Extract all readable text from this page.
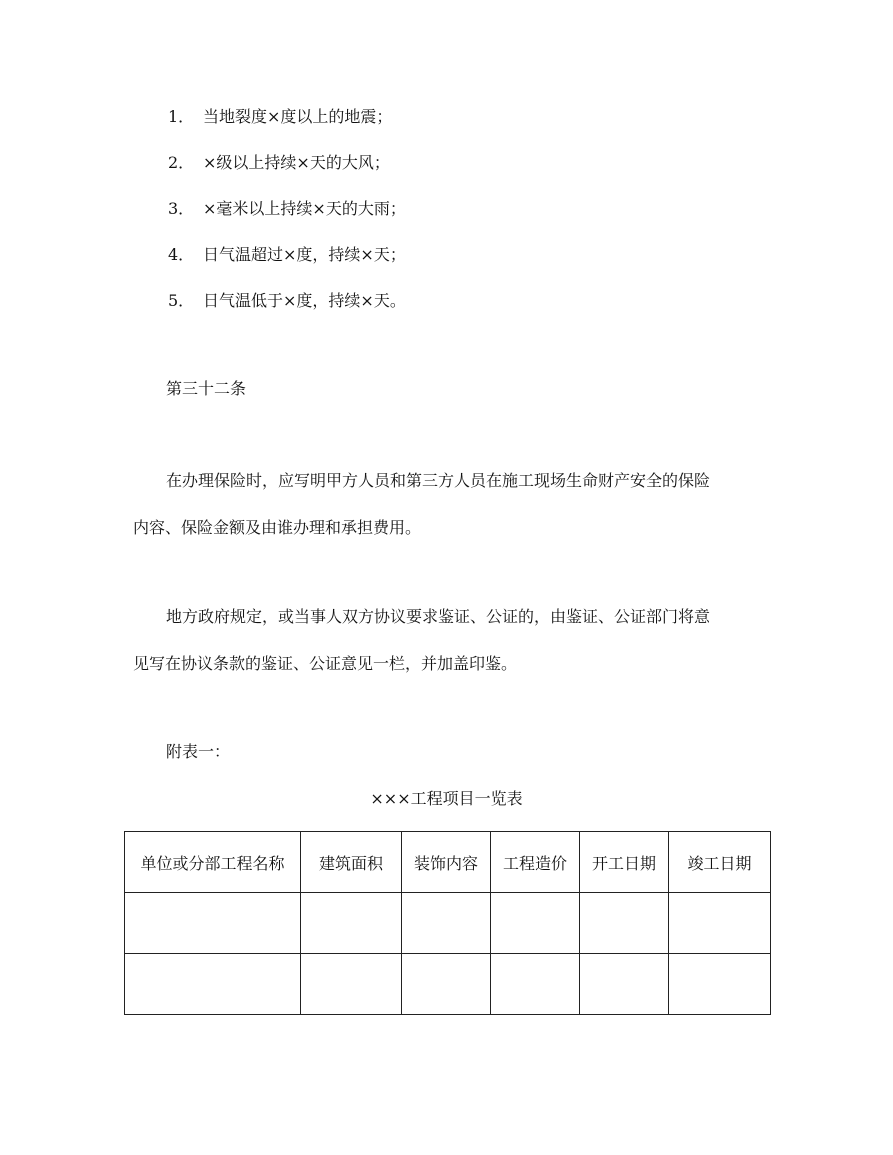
1． 当地裂度×度以上的地震；
2． ×级以上持续×天的大风；
3． ×毫米以上持续×天的大雨；
4． 日气温超过×度，持续×天；
5． 日气温低于×度，持续×天。
第三十二条
在办理保险时，应写明甲方人员和第三方人员在施工现场生命财产安全的保险
内容、保险金额及由谁办理和承担费用。
地方政府规定，或当事人双方协议要求鉴证、公证的，由鉴证、公证部门将意
见写在协议条款的鉴证、公证意见一栏，并加盖印鉴。
附表一：
×××工程项目一览表
单位或分部工程名称	建筑面积	装饰内容	工程造价	开工日期	竣工日期
